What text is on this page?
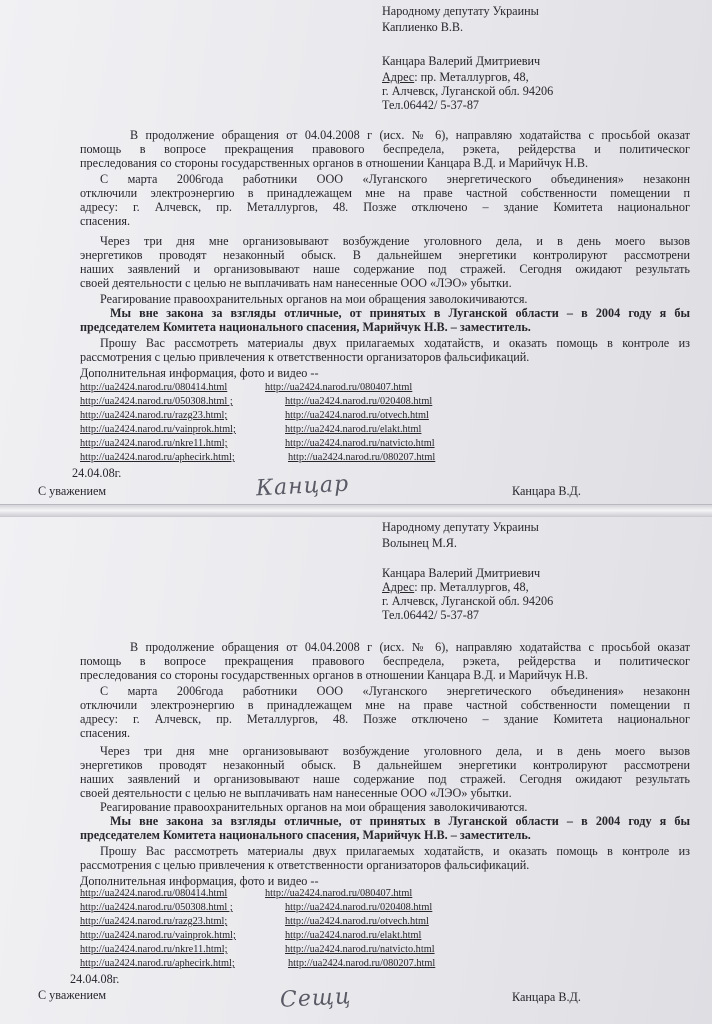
Народному депутату Украины
Каплиенко В.В.
Канцара Валерий Дмитриевич
Адрес: пр. Металлургов, 48,
г. Алчевск, Луганской обл. 94206
Тел.06442/ 5-37-87
В продолжение обращения от 04.04.2008 г (исх. № 6), направляю ходатайства с просьбой оказат
помощь в вопросе прекращения правового беспредела, рэкета, рейдерства и политическог
преследования со стороны государственных органов в отношении Канцара В.Д. и Марийчук Н.В.
С марта 2006года работники ООО «Луганского энергетического объединения» незаконн
отключили электроэнергию в принадлежащем мне на праве частной собственности помещении п
адресу: г. Алчевск, пр. Металлургов, 48. Позже отключено – здание Комитета национальног
спасения.
Через три дня мне организовывают возбуждение уголовного дела, и в день моего вызов
энергетиков проводят незаконный обыск. В дальнейшем энергетики контролируют рассмотрени
наших заявлений и организовывают наше содержание под стражей. Сегодня ожидают результать
своей деятельности с целью не выплачивать нам нанесенные ООО «ЛЭО» убытки.
Реагирование правоохранительных органов на мои обращения заволокичиваются.
Мы вне закона за взгляды отличные, от принятых в Луганской области – в 2004 году я бы
председателем Комитета национального спасения, Марийчук Н.В. – заместитель.
Прошу Вас рассмотреть материалы двух прилагаемых ходатайств, и оказать помощь в контроле из
рассмотрения с целью привлечения к ответственности организаторов фальсификаций.
Дополнительная информация, фото и видео --
http://ua2424.narod.ru/080414.html	http://ua2424.narod.ru/080407.html
http://ua2424.narod.ru/050308.html ;	http://ua2424.narod.ru/020408.html
http://ua2424.narod.ru/razg23.html;	http://ua2424.narod.ru/otvech.html
http://ua2424.narod.ru/vainprok.html;	http://ua2424.narod.ru/elakt.html
http://ua2424.narod.ru/nkre11.html;	http://ua2424.narod.ru/natvicto.html
http://ua2424.narod.ru/aphecirk.html;	http://ua2424.narod.ru/080207.html
24.04.08г.
С уважением	Канцар	Канцара В.Д.
Народному депутату Украины
Волынец М.Я.
Канцара Валерий Дмитриевич
Адрес: пр. Металлургов, 48,
г. Алчевск, Луганской обл. 94206
Тел.06442/ 5-37-87
В продолжение обращения от 04.04.2008 г (исх. № 6), направляю ходатайства с просьбой оказат
помощь в вопросе прекращения правового беспредела, рэкета, рейдерства и политическог
преследования со стороны государственных органов в отношении Канцара В.Д. и Марийчук Н.В.
С марта 2006года работники ООО «Луганского энергетического объединения» незаконн
отключили электроэнергию в принадлежащем мне на праве частной собственности помещении п
адресу: г. Алчевск, пр. Металлургов, 48. Позже отключено – здание Комитета национальног
спасения.
Через три дня мне организовывают возбуждение уголовного дела, и в день моего вызов
энергетиков проводят незаконный обыск. В дальнейшем энергетики контролируют рассмотрени
наших заявлений и организовывают наше содержание под стражей. Сегодня ожидают результать
своей деятельности с целью не выплачивать нам нанесенные ООО «ЛЭО» убытки.
Реагирование правоохранительных органов на мои обращения заволокичиваются.
Мы вне закона за взгляды отличные, от принятых в Луганской области – в 2004 году я бы
председателем Комитета национального спасения, Марийчук Н.В. – заместитель.
Прошу Вас рассмотреть материалы двух прилагаемых ходатайств, и оказать помощь в контроле из
рассмотрения с целью привлечения к ответственности организаторов фальсификаций.
Дополнительная информация, фото и видео --
http://ua2424.narod.ru/080414.html	http://ua2424.narod.ru/080407.html
http://ua2424.narod.ru/050308.html ;	http://ua2424.narod.ru/020408.html
http://ua2424.narod.ru/razg23.html;	http://ua2424.narod.ru/otvech.html
http://ua2424.narod.ru/vainprok.html;	http://ua2424.narod.ru/elakt.html
http://ua2424.narod.ru/nkre11.html;	http://ua2424.narod.ru/natvicto.html
http://ua2424.narod.ru/aphecirk.html;	http://ua2424.narod.ru/080207.html
24.04.08г.
С уважением	Сещц	Канцара В.Д.
